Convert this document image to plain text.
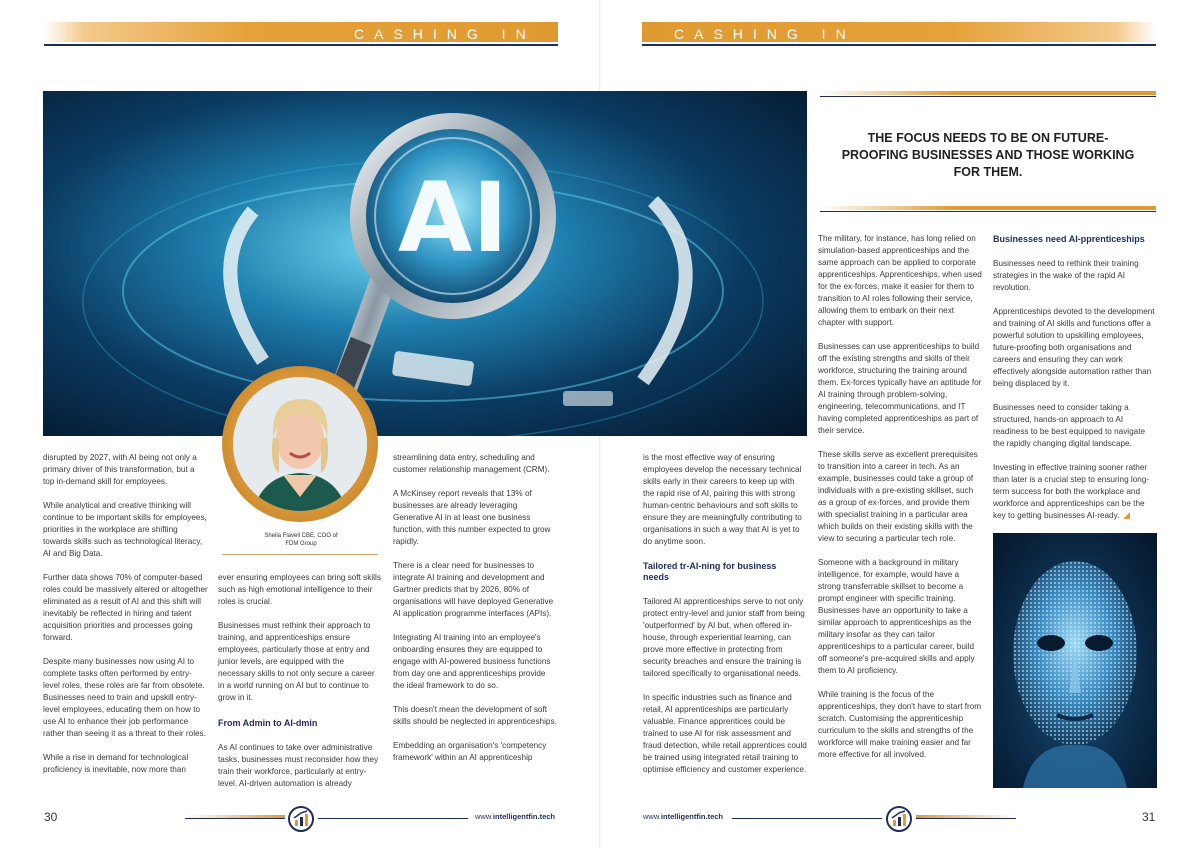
CASHING IN	CASHING IN
AI
Sheila Flavell CBE, COO of
FDM Group

disrupted by 2027, with AI being not only a primary driver of this transformation, but a top in-demand skill for employees.

While analytical and creative thinking will continue to be important skills for employees, priorities in the workplace are shifting towards skills such as technological literacy, AI and Big Data.

Further data shows 70% of computer-based roles could be massively altered or altogether eliminated as a result of AI and this shift will inevitably be reflected in hiring and talent acquisition priorities and processes going forward.

Despite many businesses now using AI to complete tasks often performed by entry-level roles, these roles are far from obsolete. Businesses need to train and upskill entry-level employees, educating them on how to use AI to enhance their job performance rather than seeing it as a threat to their roles.

While a rise in demand for technological proficiency is inevitable, now more than

ever ensuring employees can bring soft skills such as high emotional intelligence to their roles is crucial.

Businesses must rethink their approach to training, and apprenticeships ensure employees, particularly those at entry and junior levels, are equipped with the necessary skills to not only secure a career in a world running on AI but to continue to grow in it.

From Admin to AI-dmin

As AI continues to take over administrative tasks, businesses must reconsider how they train their workforce, particularly at entry-level. AI-driven automation is already

streamlining data entry, scheduling and customer relationship management (CRM).

A McKinsey report reveals that 13% of businesses are already leveraging Generative AI in at least one business function, with this number expected to grow rapidly.

There is a clear need for businesses to integrate AI training and development and Gartner predicts that by 2026, 80% of organisations will have deployed Generative AI application programme interfaces (APIs).

Integrating AI training into an employee's onboarding ensures they are equipped to engage with AI-powered business functions from day one and apprenticeships provide the ideal framework to do so.

This doesn't mean the development of soft skills should be neglected in apprenticeships.

Embedding an organisation's 'competency framework' within an AI apprenticeship

THE FOCUS NEEDS TO BE ON FUTURE-PROOFING BUSINESSES AND THOSE WORKING FOR THEM.

is the most effective way of ensuring employees develop the necessary technical skills early in their careers to keep up with the rapid rise of AI, pairing this with strong human-centric behaviours and soft skills to ensure they are meaningfully contributing to organisations in such a way that AI is yet to do anytime soon.

Tailored tr-AI-ning for business needs

Tailored AI apprenticeships serve to not only protect entry-level and junior staff from being 'outperformed' by AI but, when offered in-house, through experiential learning, can prove more effective in protecting from security breaches and ensure the training is tailored specifically to organisational needs.

In specific industries such as finance and retail, AI apprenticeships are particularly valuable. Finance apprentices could be trained to use AI for risk assessment and fraud detection, while retail apprentices could be trained using integrated retail training to optimise efficiency and customer experience.

The military, for instance, has long relied on simulation-based apprenticeships and the same approach can be applied to corporate apprenticeships. Apprenticeships, when used for the ex-forces, make it easier for them to transition to AI roles following their service, allowing them to embark on their next chapter with support.

Businesses can use apprenticeships to build off the existing strengths and skills of their workforce, structuring the training around them. Ex-forces typically have an aptitude for AI training through problem-solving, engineering, telecommunications, and IT having completed apprenticeships as part of their service.

These skills serve as excellent prerequisites to transition into a career in tech. As an example, businesses could take a group of individuals with a pre-existing skillset, such as a group of ex-forces, and provide them with specialist training in a particular area which builds on their existing skills with the view to securing a particular tech role.

Someone with a background in military intelligence, for example, would have a strong transferrable skillset to become a prompt engineer with specific training. Businesses have an opportunity to take a similar approach to apprenticeships as the military insofar as they can tailor apprenticeships to a particular career, build off someone's pre-acquired skills and apply them to AI proficiency.

While training is the focus of the apprenticeships, they don't have to start from scratch. Customising the apprenticeship curriculum to the skills and strengths of the workforce will make training easier and far more effective for all involved.

Businesses need AI-pprenticeships

Businesses need to rethink their training strategies in the wake of the rapid AI revolution.

Apprenticeships devoted to the development and training of AI skills and functions offer a powerful solution to upskilling employees, future-proofing both organisations and careers and ensuring they can work effectively alongside automation rather than being displaced by it.

Businesses need to consider taking a structured, hands-on approach to AI readiness to be best equipped to navigate the rapidly changing digital landscape.

Investing in effective training sooner rather than later is a crucial step to ensuring long-term success for both the workplace and workforce and apprenticeships can be the key to getting businesses AI-ready.

30	www.intelligentfin.tech	www.intelligentfin.tech	31
